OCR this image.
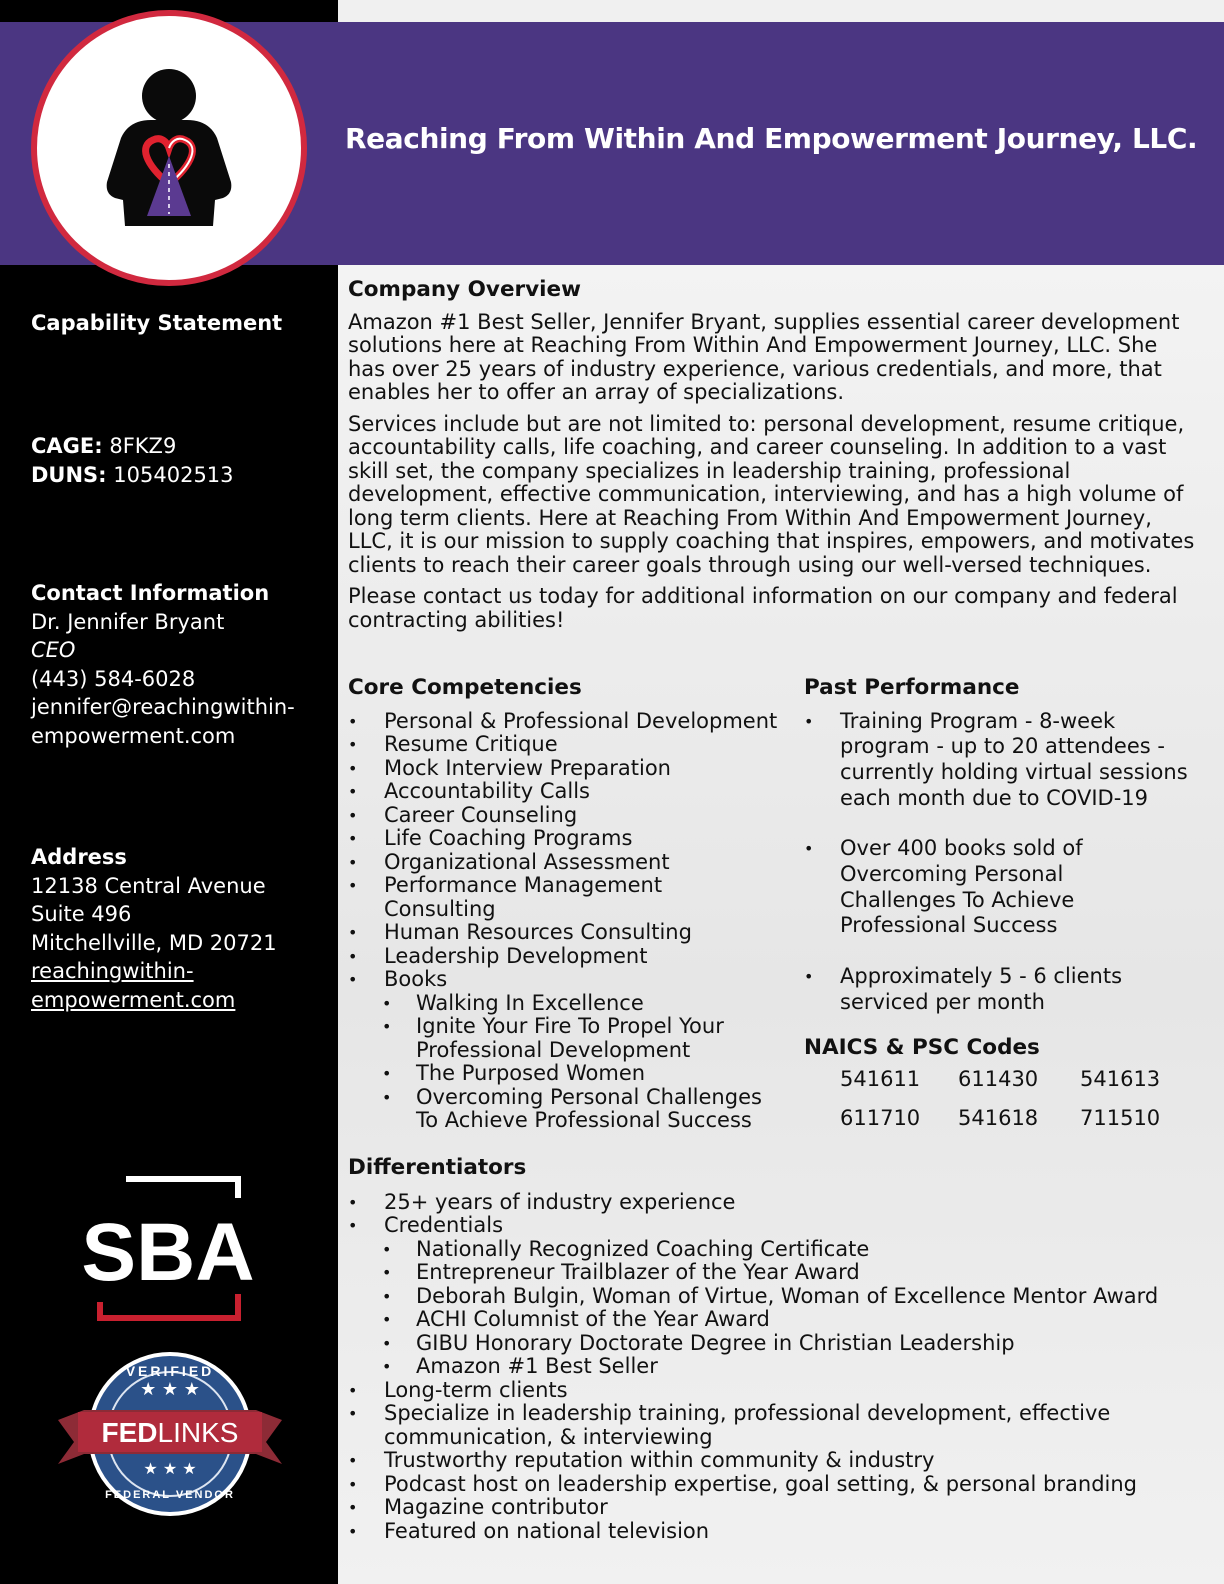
Reaching From Within And Empowerment Journey, LLC.
Capability Statement
CAGE: 8FKZ9
DUNS: 105402513
Contact Information
Dr. Jennifer Bryant
CEO
(443) 584-6028
jennifer@reachingwithin-
empowerment.com
Address
12138 Central Avenue
Suite 496
Mitchellville, MD 20721
reachingwithin-
empowerment.com
SBA
VERIFIED
★ ★ ★
FEDLINKS
★ ★ ★
FEDERAL VENDOR
Company Overview

Amazon #1 Best Seller, Jennifer Bryant, supplies essential career development solutions here at Reaching From Within And Empowerment Journey, LLC. She has over 25 years of industry experience, various credentials, and more, that enables her to offer an array of specializations.

Services include but are not limited to: personal development, resume critique, accountability calls, life coaching, and career counseling. In addition to a vast skill set, the company specializes in leadership training, professional development, effective communication, interviewing, and has a high volume of long term clients. Here at Reaching From Within And Empowerment Journey, LLC, it is our mission to supply coaching that inspires, empowers, and motivates clients to reach their career goals through using our well-versed techniques.

Please contact us today for additional information on our company and federal contracting abilities!

Core Competencies
• Personal & Professional Development
• Resume Critique
• Mock Interview Preparation
• Accountability Calls
• Career Counseling
• Life Coaching Programs
• Organizational Assessment
• Performance Management Consulting
• Human Resources Consulting
• Leadership Development
• Books
• Walking In Excellence
• Ignite Your Fire To Propel Your Professional Development
• The Purposed Women
• Overcoming Personal Challenges To Achieve Professional Success
Past Performance
• Training Program - 8-week program - up to 20 attendees - currently holding virtual sessions each month due to COVID-19
• Over 400 books sold of Overcoming Personal Challenges To Achieve Professional Success
• Approximately 5 - 6 clients serviced per month
NAICS & PSC Codes
541611	611430	541613
611710	541618	711510
Differentiators
• 25+ years of industry experience
• Credentials
• Nationally Recognized Coaching Certificate
• Entrepreneur Trailblazer of the Year Award
• Deborah Bulgin, Woman of Virtue, Woman of Excellence Mentor Award
• ACHI Columnist of the Year Award
• GIBU Honorary Doctorate Degree in Christian Leadership
• Amazon #1 Best Seller
• Long-term clients
• Specialize in leadership training, professional development, effective communication, & interviewing
• Trustworthy reputation within community & industry
• Podcast host on leadership expertise, goal setting, & personal branding
• Magazine contributor
• Featured on national television
